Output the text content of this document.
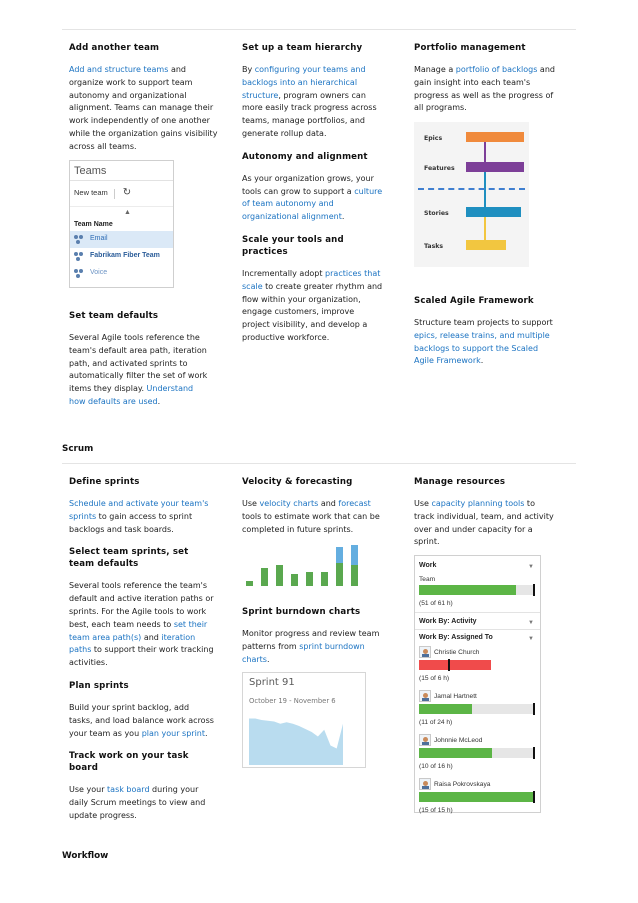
Add another team

Add and structure teams and organize work to support team autonomy and organizational alignment. Teams can manage their work independently of one another while the organization gains visibility across all teams.

Teams
New team ↻
▲
Team Name
Email
Fabrikam Fiber Team
Voice
Set team defaults

Several Agile tools reference the team's default area path, iteration path, and activated sprints to automatically filter the set of work items they display. Understand how defaults are used.

Set up a team hierarchy

By configuring your teams and backlogs into an hierarchical structure, program owners can more easily track progress across teams, manage portfolios, and generate rollup data.

Autonomy and alignment

As your organization grows, your tools can grow to support a culture of team autonomy and organizational alignment.

Scale your tools and practices

Incrementally adopt practices that scale to create greater rhythm and flow within your organization, engage customers, improve project visibility, and develop a productive workforce.

Portfolio management

Manage a portfolio of backlogs and gain insight into each team's progress as well as the progress of all programs.

Epics
Features
Stories
Tasks
Scaled Agile Framework

Structure team projects to support epics, release trains, and multiple backlogs to support the Scaled Agile Framework.

Scrum
Define sprints

Schedule and activate your team's sprints to gain access to sprint backlogs and task boards.

Select team sprints, set team defaults

Several tools reference the team's default and active iteration paths or sprints. For the Agile tools to work best, each team needs to set their team area path(s) and iteration paths to support their work tracking activities.

Plan sprints

Build your sprint backlog, add tasks, and load balance work across your team as you plan your sprint.

Track work on your task board

Use your task board during your daily Scrum meetings to view and update progress.

Velocity & forecasting

Use velocity charts and forecast tools to estimate work that can be completed in future sprints.

Sprint burndown charts

Monitor progress and review team patterns from sprint burndown charts.

Sprint 91
October 19 - November 6
Manage resources

Use capacity planning tools to track individual, team, and activity over and under capacity for a sprint.

Work	▼
Team
(51 of 61 h)
Work By: Activity	▼
Work By: Assigned To	▼
Christie Church
(15 of 6 h)
Jamal Hartnett
(11 of 24 h)
Johnnie McLeod
(10 of 16 h)
Raisa Pokrovskaya
(15 of 15 h)
Workflow
